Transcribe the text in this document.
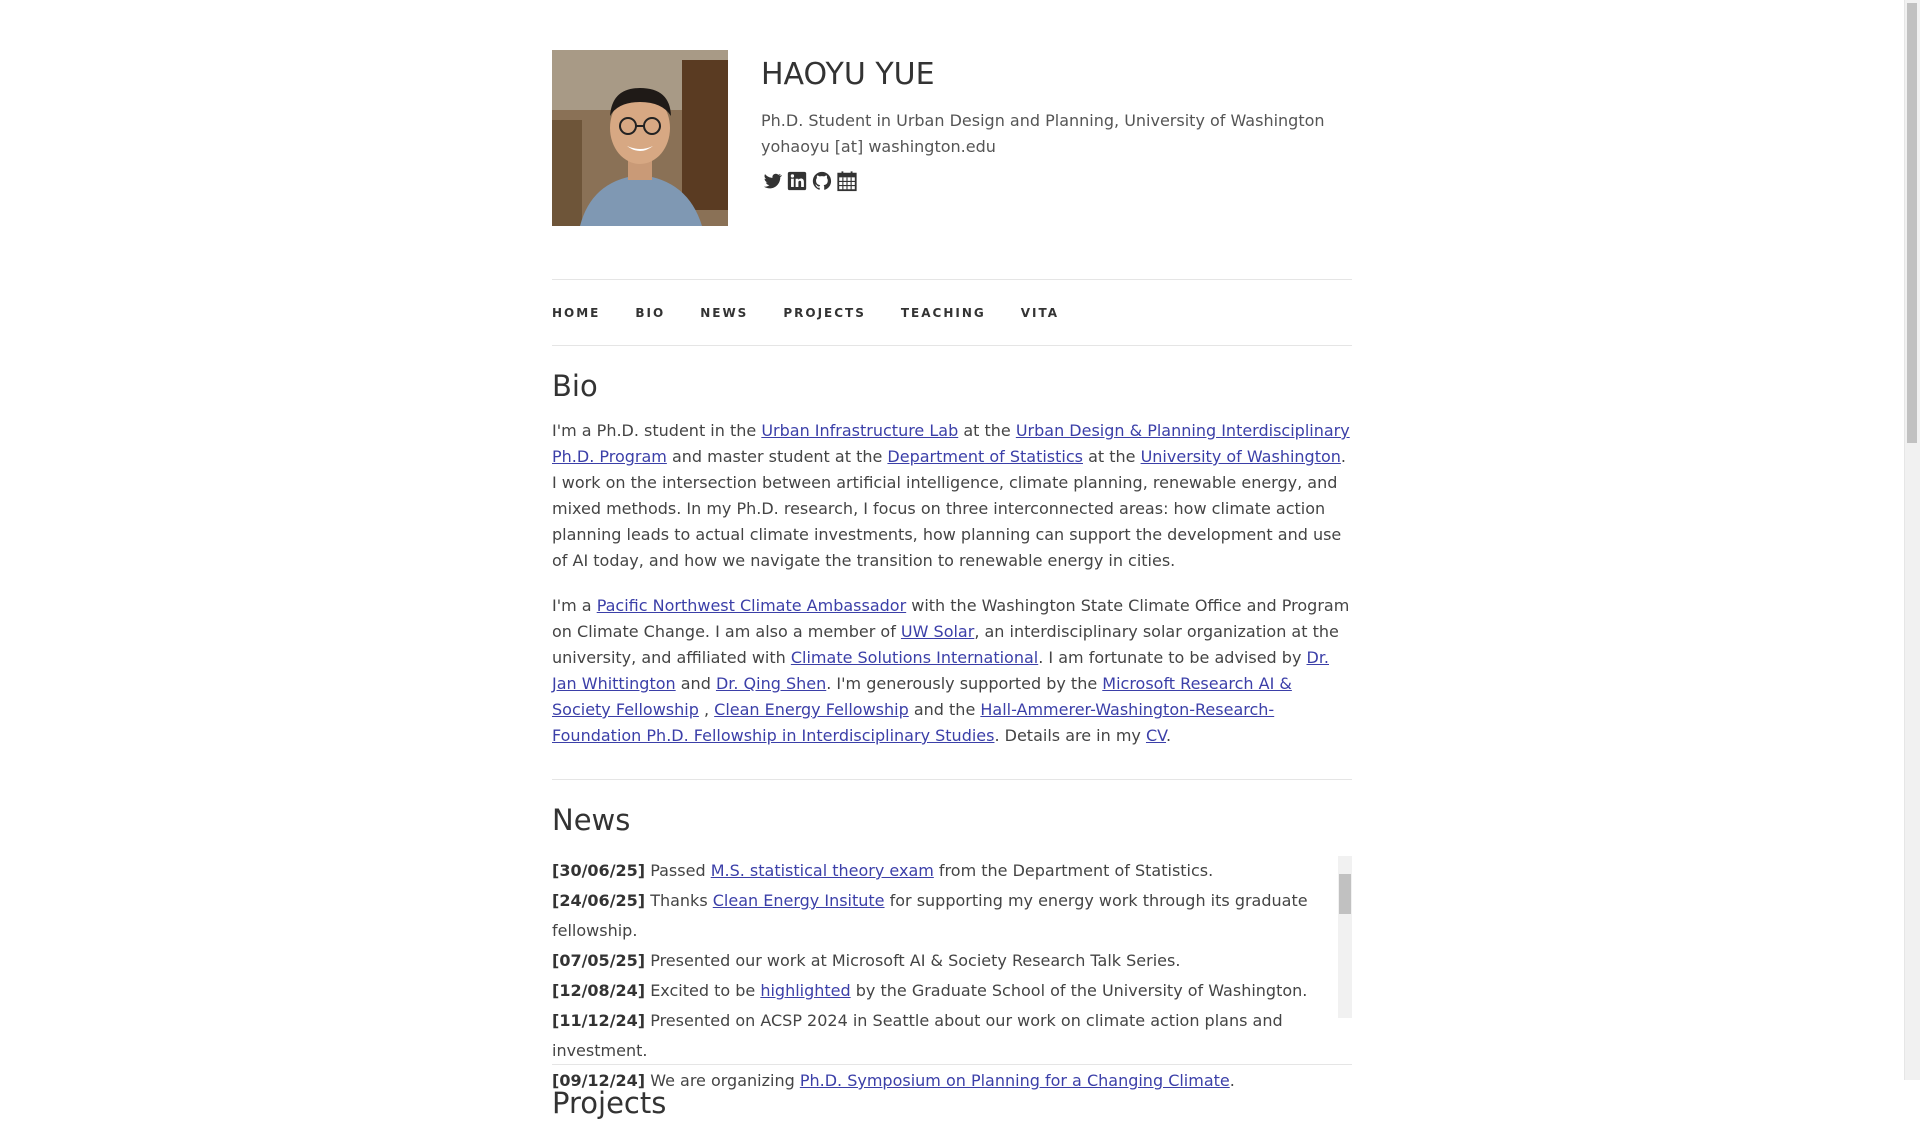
HAOYU YUE
Ph.D. Student in Urban Design and Planning, University of Washington
yohaoyu [at] washington.edu
HOME	BIO	NEWS	PROJECTS	TEACHING	VITA
Bio

I'm a Ph.D. student in the Urban Infrastructure Lab at the Urban Design & Planning Interdisciplinary Ph.D. Program and master student at the Department of Statistics at the University of Washington. I work on the intersection between artificial intelligence, climate planning, renewable energy, and mixed methods. In my Ph.D. research, I focus on three interconnected areas: how climate action planning leads to actual climate investments, how planning can support the development and use of AI today, and how we navigate the transition to renewable energy in cities.

I'm a Pacific Northwest Climate Ambassador with the Washington State Climate Office and Program on Climate Change. I am also a member of UW Solar, an interdisciplinary solar organization at the university, and affiliated with Climate Solutions International. I am fortunate to be advised by Dr. Jan Whittington and Dr. Qing Shen. I'm generously supported by the Microsoft Research AI & Society Fellowship , Clean Energy Fellowship and the Hall-Ammerer-Washington-Research-Foundation Ph.D. Fellowship in Interdisciplinary Studies. Details are in my CV.

News
[30/06/25] Passed M.S. statistical theory exam from the Department of Statistics.
[24/06/25] Thanks Clean Energy Insitute for supporting my energy work through its graduate fellowship.
[07/05/25] Presented our work at Microsoft AI & Society Research Talk Series.
[12/08/24] Excited to be highlighted by the Graduate School of the University of Washington.
[11/12/24] Presented on ACSP 2024 in Seattle about our work on climate action plans and investment.
[09/12/24] We are organizing Ph.D. Symposium on Planning for a Changing Climate.
Projects
